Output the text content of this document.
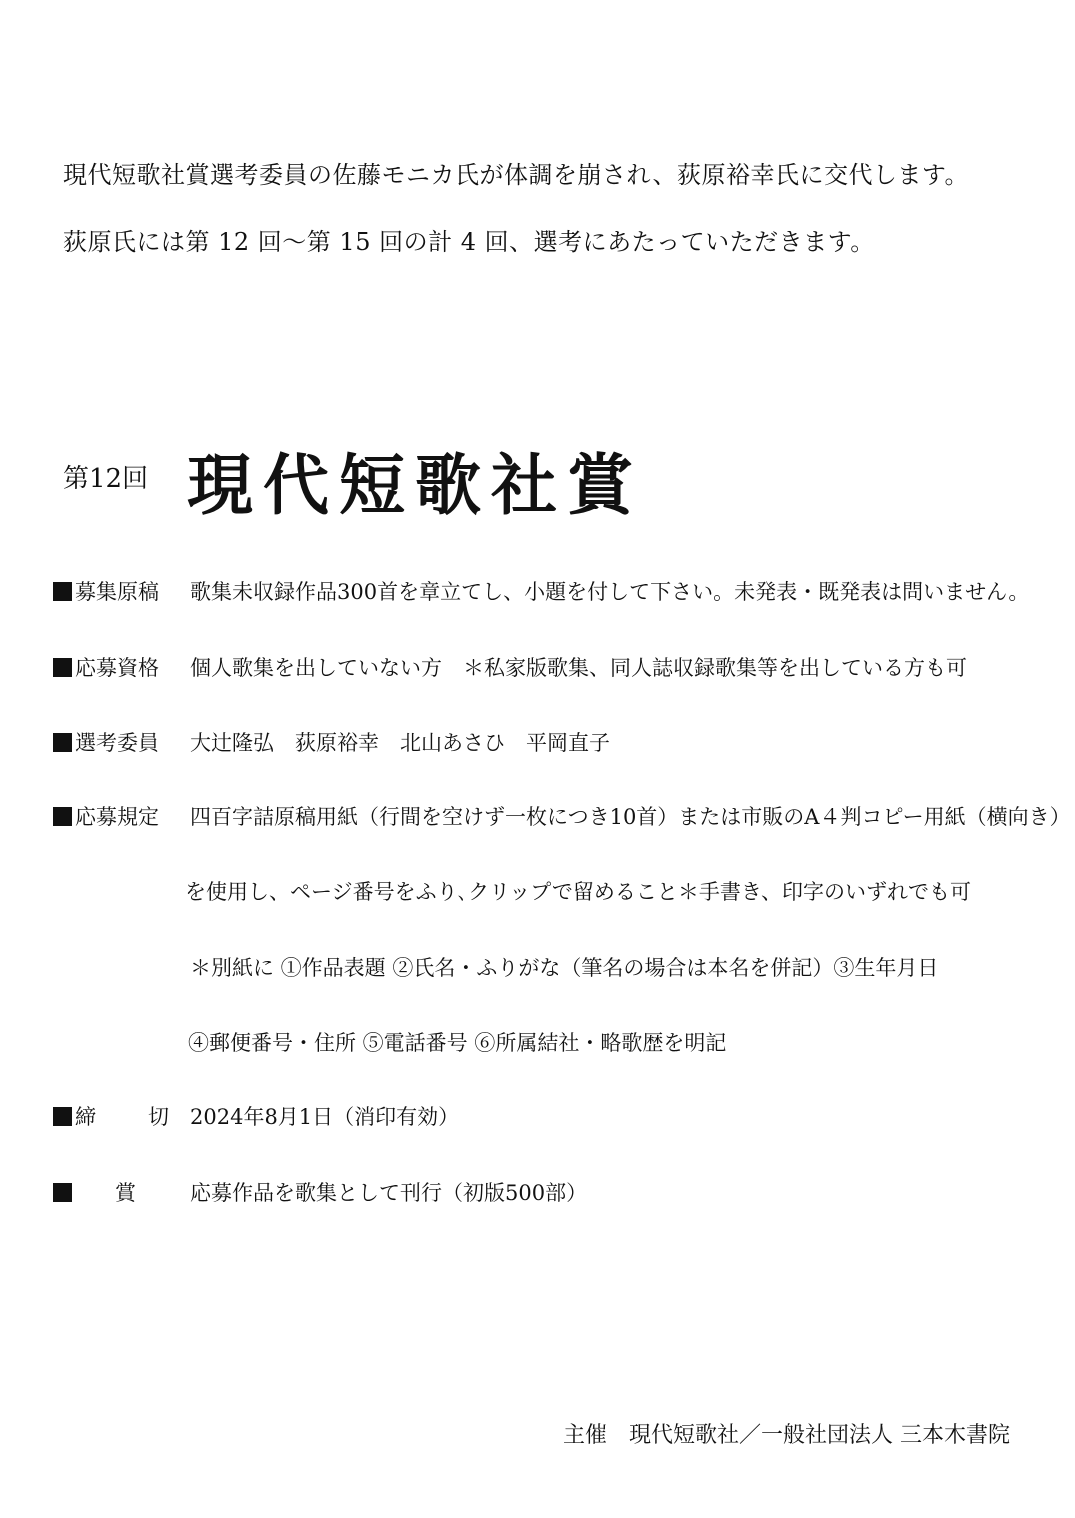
現代短歌社賞選考委員の佐藤モニカ氏が体調を崩され、荻原裕幸氏に交代します。
荻原氏には第 12 回〜第 15 回の計 4 回、選考にあたっていただきます。
第12回 現代短歌社賞
募集原稿	歌集未収録作品300首を章立てし、小題を付して下さい。未発表・既発表は問いません。
応募資格	個人歌集を出していない方　＊私家版歌集、同人誌収録歌集等を出している方も可
選考委員	大辻隆弘　荻原裕幸　北山あさひ　平岡直子
応募規定	四百字詰原稿用紙（行間を空けず一枚につき10首）または市販のA４判コピー用紙（横向き）
を使用し、ページ番号をふり､クリップで留めること＊手書き、印字のいずれでも可
＊別紙に ①作品表題 ②氏名・ふりがな（筆名の場合は本名を併記）③生年月日
④郵便番号・住所 ⑤電話番号 ⑥所属結社・略歌歴を明記
締 切	2024年8月1日（消印有効）
賞	応募作品を歌集として刊行（初版500部）
主催　現代短歌社／一般社団法人 三本木書院
